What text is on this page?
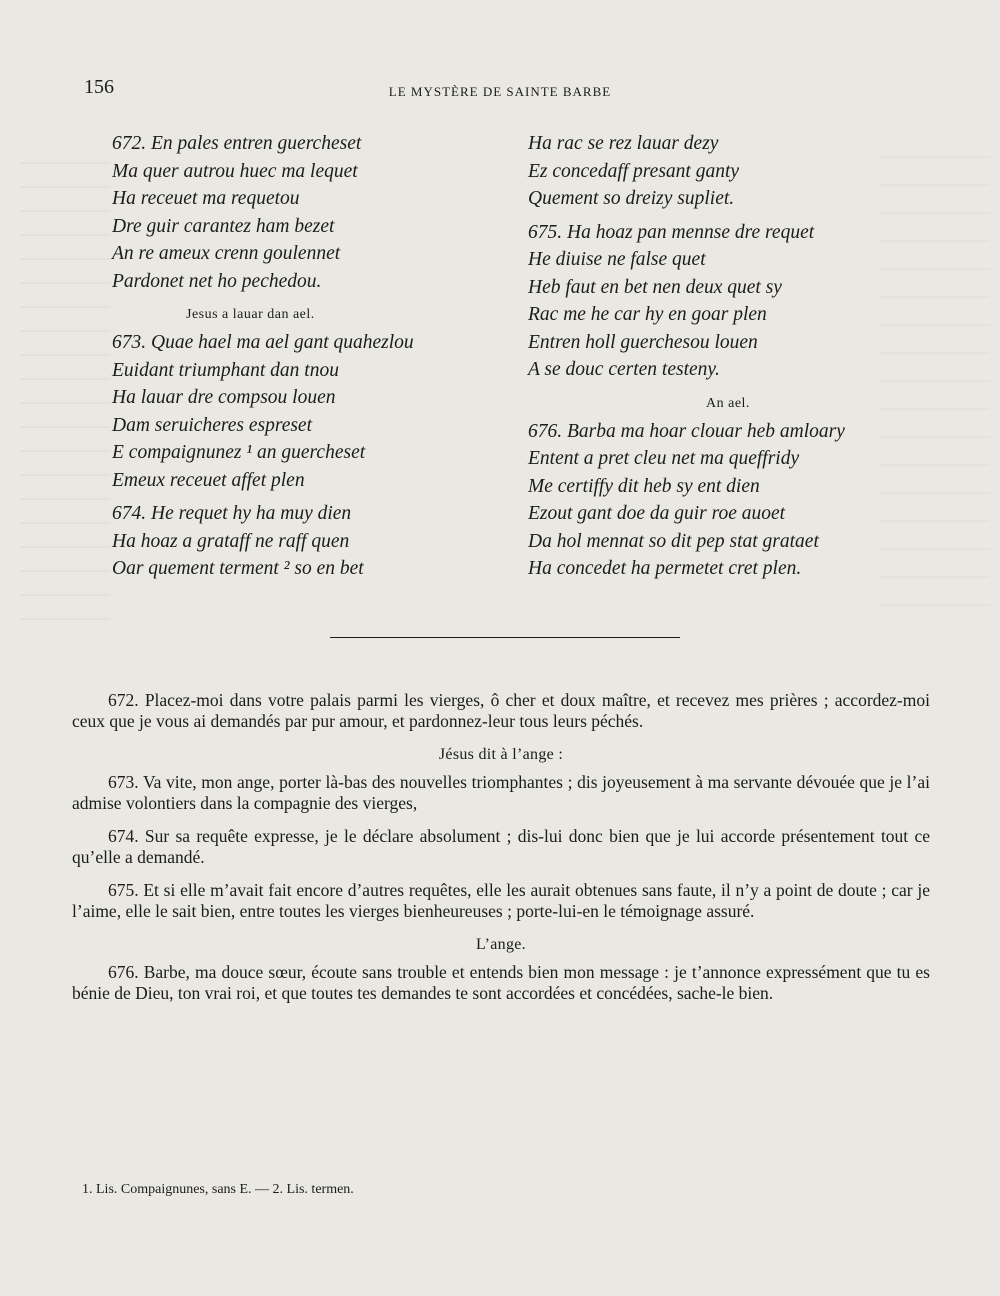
156	LE MYSTÈRE DE SAINTE BARBE
672. En pales entren guercheset
Ma quer autrou huec ma lequet
Ha receuet ma requetou
Dre guir carantez ham bezet
An re ameux crenn goulennet
Pardonet net ho pechedou.
Jesus a lauar dan ael.
673. Quae hael ma ael gant quahezlou
Euidant triumphant dan tnou
Ha lauar dre compsou louen
Dam seruicheres espreset
E compaignunez ¹ an guercheset
Emeux receuet affet plen
674. He requet hy ha muy dien
Ha hoaz a grataff ne raff quen
Oar quement terment ² so en bet
Ha rac se rez lauar dezy
Ez concedaff presant ganty
Quement so dreizy supliet.
675. Ha hoaz pan mennse dre requet
He diuise ne false quet
Heb faut en bet nen deux quet sy
Rac me he car hy en goar plen
Entren holl guerchesou louen
A se douc certen testeny.
An ael.
676. Barba ma hoar clouar heb amloary
Entent a pret cleu net ma queffridy
Me certiffy dit heb sy ent dien
Ezout gant doe da guir roe auoet
Da hol mennat so dit pep stat grataet
Ha concedet ha permetet cret plen.
672. Placez-moi dans votre palais parmi les vierges, ô cher et doux maître, et recevez mes prières ; accordez-moi ceux que je vous ai demandés par pur amour, et pardonnez-leur tous leurs péchés.
Jésus dit à l’ange :
673. Va vite, mon ange, porter là-bas des nouvelles triomphantes ; dis joyeusement à ma servante dévouée que je l’ai admise volontiers dans la compagnie des vierges,
674. Sur sa requête expresse, je le déclare absolument ; dis-lui donc bien que je lui accorde présentement tout ce qu’elle a demandé.
675. Et si elle m’avait fait encore d’autres requêtes, elle les aurait obtenues sans faute, il n’y a point de doute ; car je l’aime, elle le sait bien, entre toutes les vierges bienheureuses ; porte-lui-en le témoignage assuré.
L’ange.
676. Barbe, ma douce sœur, écoute sans trouble et entends bien mon message : je t’annonce expressément que tu es bénie de Dieu, ton vrai roi, et que toutes tes demandes te sont accordées et concédées, sache-le bien.
1. Lis. Compaignunes, sans E. — 2. Lis. termen.
